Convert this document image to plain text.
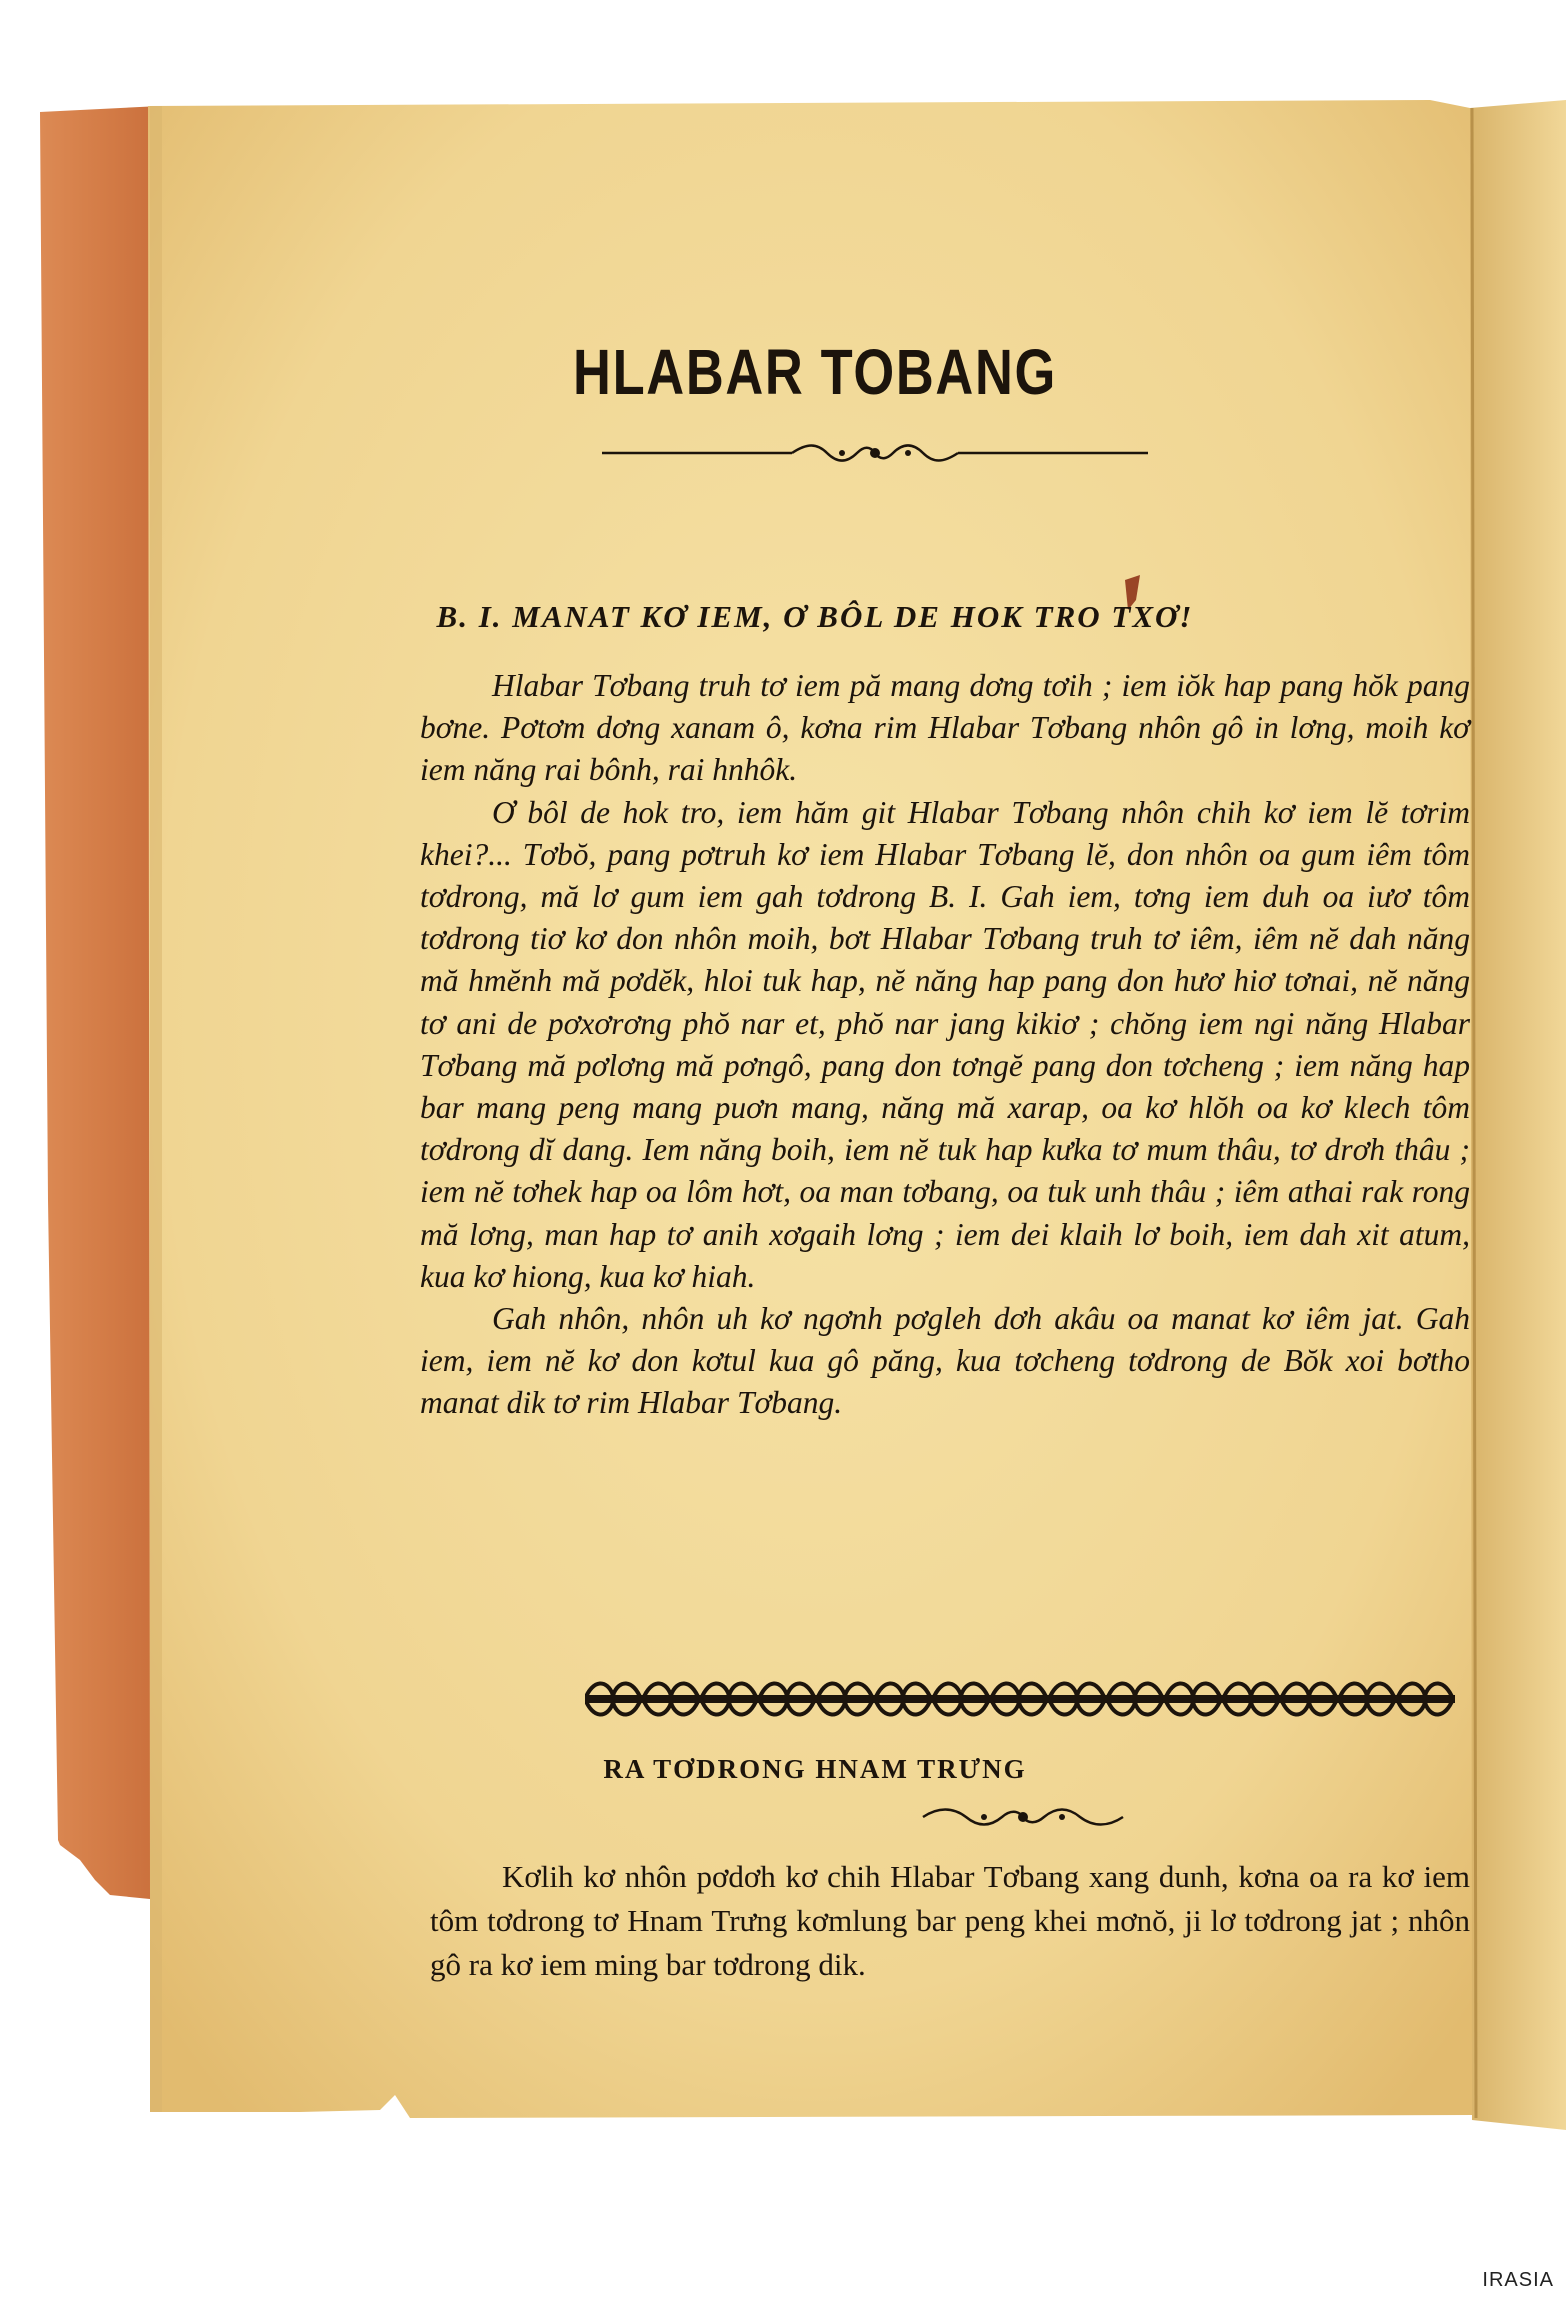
HLABAR TOBANG
B. I. MANAT KƠ IEM, Ơ BÔL DE HOK TRO TXƠ!

Hlabar Tơbang truh tơ iem pă mang dơng tơih ; iem iŏk hap pang hŏk pang bơne. Pơtơm dơng xanam ô, kơna rim Hlabar Tơbang nhôn gô in lơng, moih kơ iem năng rai bônh, rai hnhôk.

Ơ bôl de hok tro, iem hăm git Hlabar Tơbang nhôn chih kơ iem lĕ tơrim khei?... Tơbŏ, pang pơtruh kơ iem Hlabar Tơbang lĕ, don nhôn oa gum iêm tôm tơdrong, mă lơ gum iem gah tơdrong B. I. Gah iem, tơng iem duh oa iươ tôm tơdrong tiơ kơ don nhôn moih, bơt Hlabar Tơbang truh tơ iêm, iêm nĕ dah năng mă hmĕnh mă pơdĕk, hloi tuk hap, nĕ năng hap pang don hươ hiơ tơnai, nĕ năng tơ ani de pơxơrơng phŏ nar et, phŏ nar jang kikiơ ; chŏng iem ngi năng Hlabar Tơbang mă pơlơng mă pơngô, pang don tơngĕ pang don tơcheng ; iem năng hap bar mang peng mang puơn mang, năng mă xarap, oa kơ hlŏh oa kơ klech tôm tơdrong dĭ dang. Iem năng boih, iem nĕ tuk hap kưka tơ mum thâu, tơ drơh thâu ; iem nĕ tơhek hap oa lôm hơt, oa man tơbang, oa tuk unh thâu ; iêm athai rak rong mă lơng, man hap tơ anih xơgaih lơng ; iem dei klaih lơ boih, iem dah xit atum, kua kơ hiong, kua kơ hiah.

Gah nhôn, nhôn uh kơ ngơnh pơgleh dơh akâu oa manat kơ iêm jat. Gah iem, iem nĕ kơ don kơtul kua gô păng, kua tơcheng tơdrong de Bŏk xoi bơtho manat dik tơ rim Hlabar Tơbang.

RA TƠDRONG HNAM TRƯNG

Kơlih kơ nhôn pơdơh kơ chih Hlabar Tơbang xang dunh, kơna oa ra kơ iem tôm tơdrong tơ Hnam Trưng kơmlung bar peng khei mơnŏ, ji lơ tơdrong jat ; nhôn gô ra kơ iem ming bar tơdrong dik.

IRASIA
